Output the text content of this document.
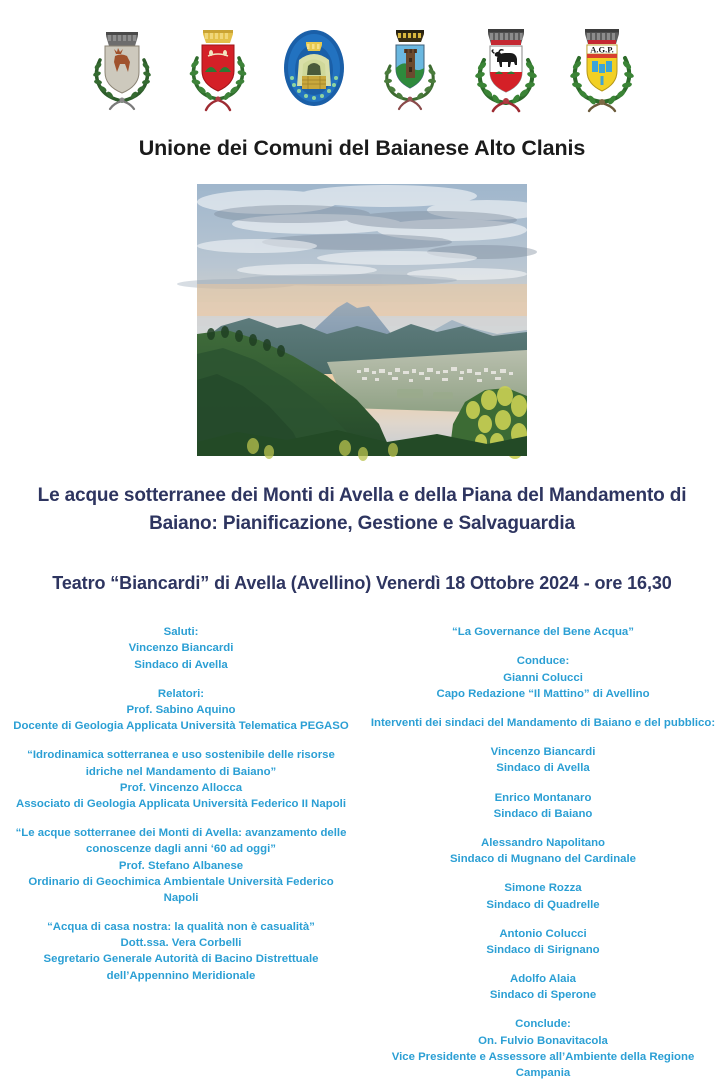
A.G.P.
Unione dei Comuni del Baianese Alto Clanis
Le acque sotterranee dei Monti di Avella e della Piana del Mandamento di Baiano: Pianificazione, Gestione e Salvaguardia
Teatro “Biancardi” di Avella (Avellino) Venerdì 18 Ottobre 2024 - ore 16,30
Saluti:
Vincenzo Biancardi
Sindaco di Avella
Relatori:
Prof. Sabino Aquino
Docente di Geologia Applicata Università Telematica PEGASO
“Idrodinamica sotterranea e uso sostenibile delle risorse
idriche nel Mandamento di Baiano”
Prof. Vincenzo Allocca
Associato di Geologia Applicata Università Federico II Napoli
“Le acque sotterranee dei Monti di Avella: avanzamento delle
conoscenze dagli anni ‘60 ad oggi”
Prof. Stefano Albanese
Ordinario di Geochimica Ambientale Università Federico
Napoli
“Acqua di casa nostra: la qualità non è casualità”
Dott.ssa. Vera Corbelli
Segretario Generale Autorità di Bacino Distrettuale
dell’Appennino Meridionale
“La Governance del Bene Acqua”
Conduce:
Gianni Colucci
Capo Redazione “Il Mattino” di Avellino
Interventi dei sindaci del Mandamento di Baiano e del pubblico:
Vincenzo Biancardi
Sindaco di Avella
Enrico Montanaro
Sindaco di Baiano
Alessandro Napolitano
Sindaco di Mugnano del Cardinale
Simone Rozza
Sindaco di Quadrelle
Antonio Colucci
Sindaco di Sirignano
Adolfo Alaia
Sindaco di Sperone
Conclude:
On. Fulvio Bonavitacola
Vice Presidente e Assessore all’Ambiente della Regione Campania
